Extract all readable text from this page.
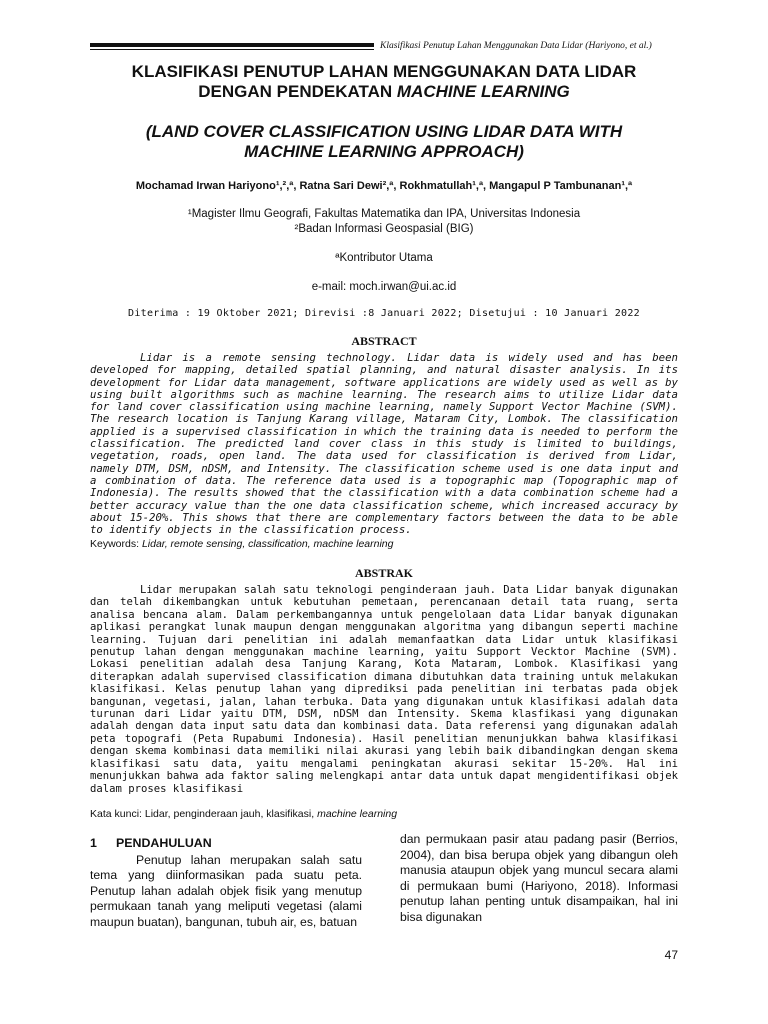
Klasifikasi Penutup Lahan Menggunakan Data Lidar (Hariyono, et al.)
KLASIFIKASI PENUTUP LAHAN MENGGUNAKAN DATA LIDAR
DENGAN PENDEKATAN MACHINE LEARNING
(LAND COVER CLASSIFICATION USING LIDAR DATA WITH
MACHINE LEARNING APPROACH)
Mochamad Irwan Hariyono¹,²,ª, Ratna Sari Dewi²,ª, Rokhmatullah¹,ª, Mangapul P Tambunanan¹,ª
¹Magister Ilmu Geografi, Fakultas Matematika dan IPA, Universitas Indonesia
²Badan Informasi Geospasial (BIG)
ªKontributor Utama
e-mail: moch.irwan@ui.ac.id
Diterima : 19 Oktober 2021; Direvisi :8 Januari 2022; Disetujui : 10 Januari 2022
ABSTRACT
Lidar is a remote sensing technology. Lidar data is widely used and has been developed for mapping, detailed spatial planning, and natural disaster analysis. In its development for Lidar data management, software applications are widely used as well as by using built algorithms such as machine learning. The research aims to utilize Lidar data for land cover classification using machine learning, namely Support Vector Machine (SVM). The research location is Tanjung Karang village, Mataram City, Lombok. The classification applied is a supervised classification in which the training data is needed to perform the classification. The predicted land cover class in this study is limited to buildings, vegetation, roads, open land. The data used for classification is derived from Lidar, namely DTM, DSM, nDSM, and Intensity. The classification scheme used is one data input and a combination of data. The reference data used is a topographic map (Topographic map of Indonesia). The results showed that the classification with a data combination scheme had a better accuracy value than the one data classification scheme, which increased accuracy by about 15-20%. This shows that there are complementary factors between the data to be able to identify objects in the classification process.
Keywords: Lidar, remote sensing, classification, machine learning
ABSTRAK
Lidar merupakan salah satu teknologi penginderaan jauh. Data Lidar banyak digunakan dan telah dikembangkan untuk kebutuhan pemetaan, perencanaan detail tata ruang, serta analisa bencana alam. Dalam perkembangannya untuk pengelolaan data Lidar banyak digunakan aplikasi perangkat lunak maupun dengan menggunakan algoritma yang dibangun seperti machine learning. Tujuan dari penelitian ini adalah memanfaatkan data Lidar untuk klasifikasi penutup lahan dengan menggunakan machine learning, yaitu Support Vecktor Machine (SVM). Lokasi penelitian adalah desa Tanjung Karang, Kota Mataram, Lombok. Klasifikasi yang diterapkan adalah supervised classification dimana dibutuhkan data training untuk melakukan klasifikasi. Kelas penutup lahan yang diprediksi pada penelitian ini terbatas pada objek bangunan, vegetasi, jalan, lahan terbuka. Data yang digunakan untuk klasifikasi adalah data turunan dari Lidar yaitu DTM, DSM, nDSM dan Intensity. Skema klasfikasi yang digunakan adalah dengan data input satu data dan kombinasi data. Data referensi yang digunakan adalah peta topografi (Peta Rupabumi Indonesia). Hasil penelitian menunjukkan bahwa klasifikasi dengan skema kombinasi data memiliki nilai akurasi yang lebih baik dibandingkan dengan skema klasifikasi satu data, yaitu mengalami peningkatan akurasi sekitar 15-20%. Hal ini menunjukkan bahwa ada faktor saling melengkapi antar data untuk dapat mengidentifikasi objek dalam proses klasifikasi
Kata kunci: Lidar, penginderaan jauh, klasifikasi, machine learning
1 PENDAHULUAN
Penutup lahan merupakan salah satu tema yang diinformasikan pada suatu peta. Penutup lahan adalah objek fisik yang menutup permukaan tanah yang meliputi vegetasi (alami maupun buatan), bangunan, tubuh air, es, batuan
dan permukaan pasir atau padang pasir (Berrios, 2004), dan bisa berupa objek yang dibangun oleh manusia ataupun objek yang muncul secara alami di permukaan bumi (Hariyono, 2018). Informasi penutup lahan penting untuk disampaikan, hal ini bisa digunakan
47
